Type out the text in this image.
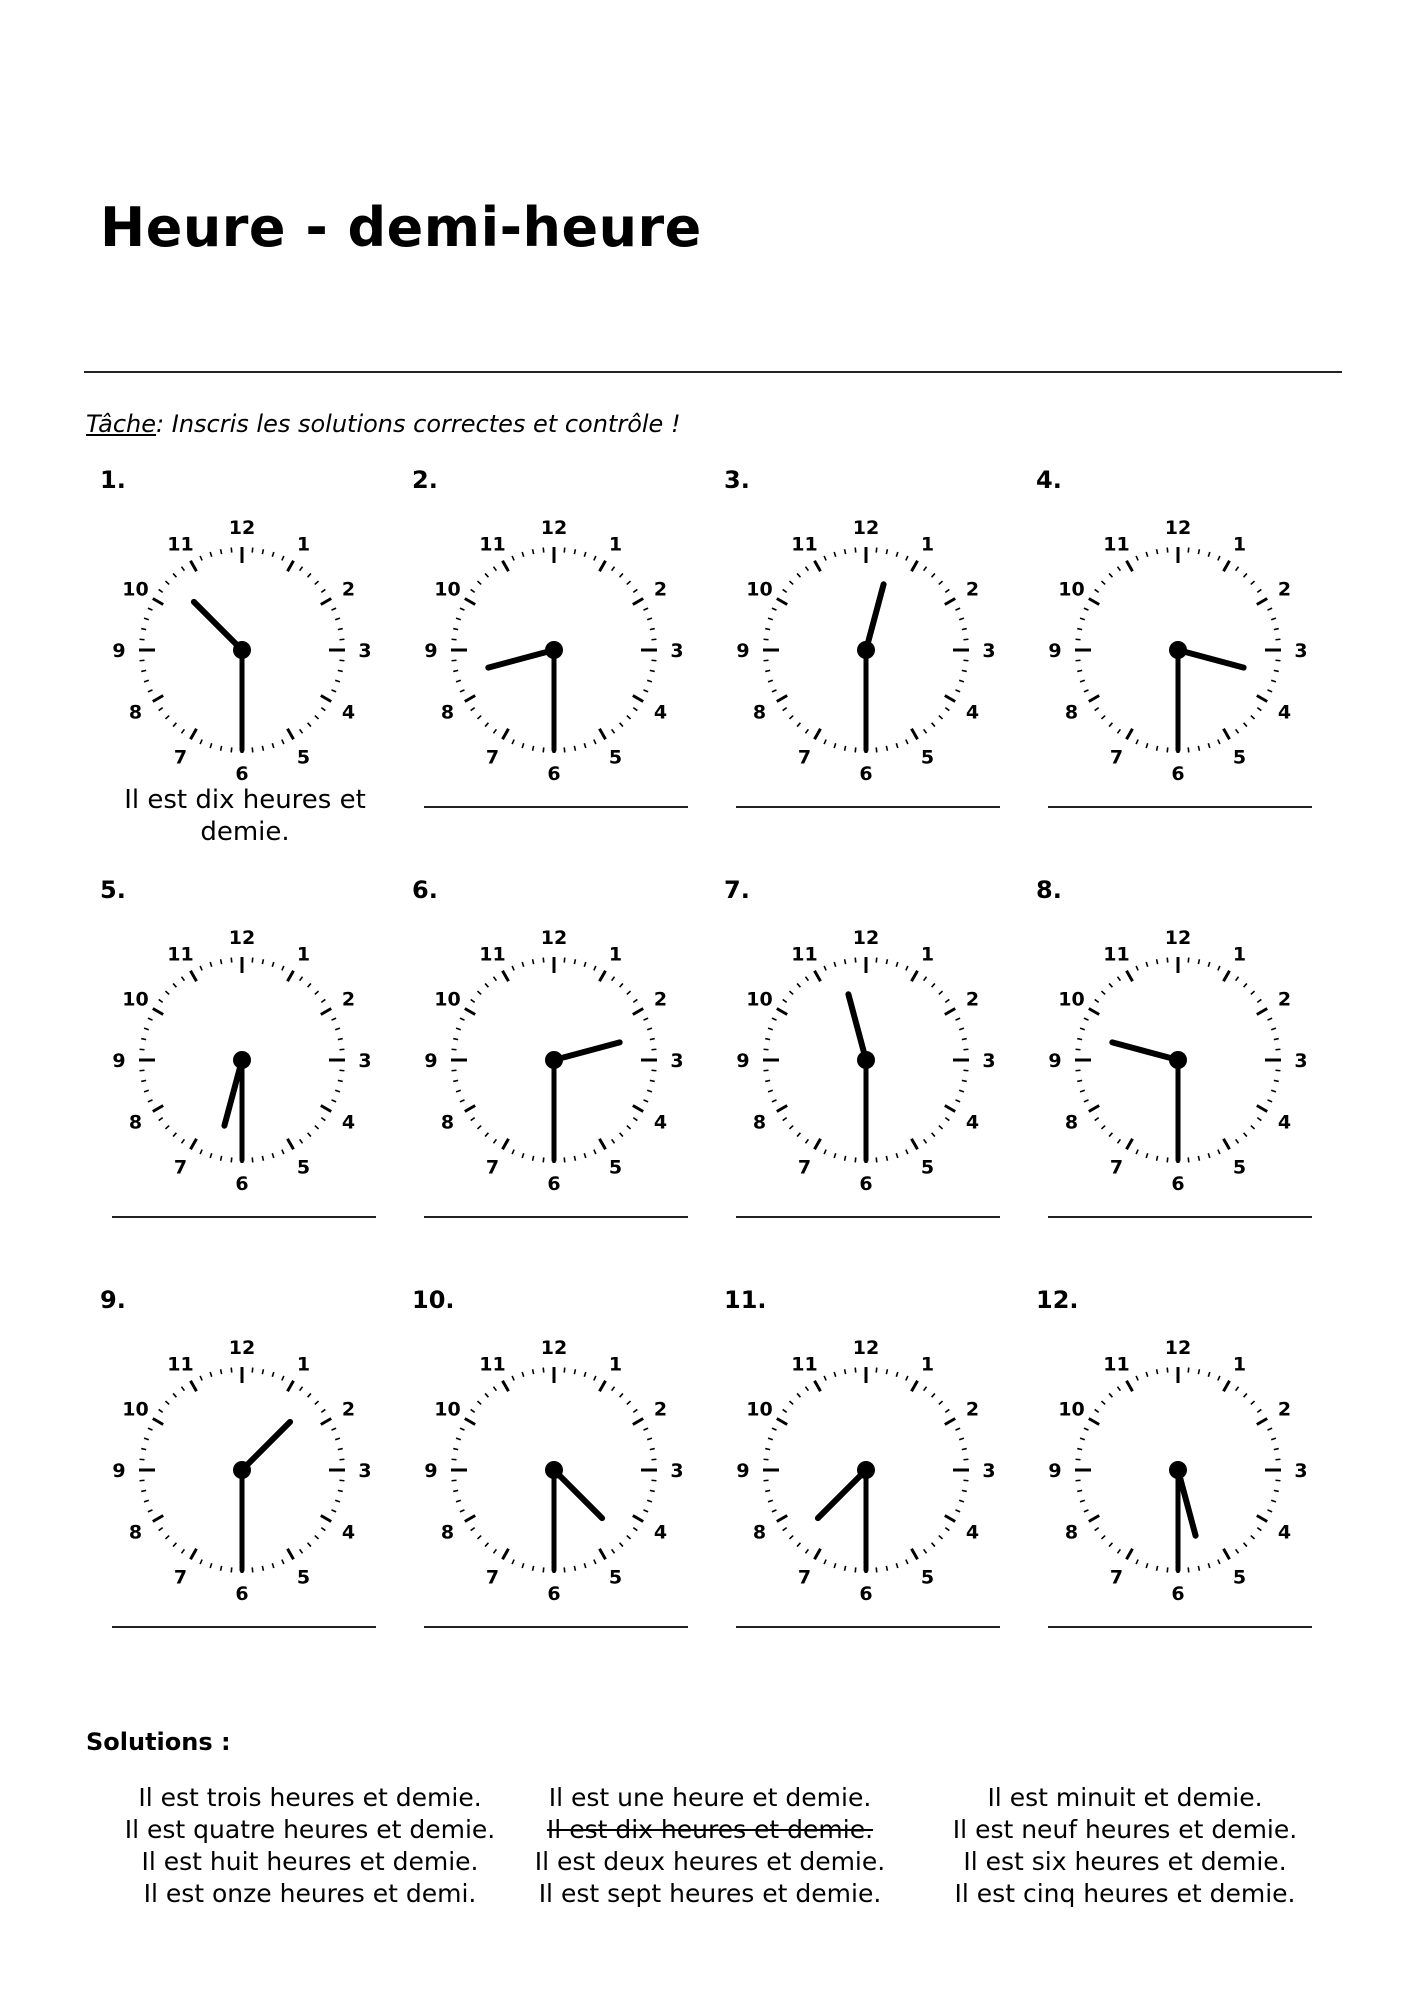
Heure - demi-heure
Tâche: Inscris les solutions correctes et contrôle !
1.
12
1
2
3
4
5
6
7
8
9
10
11
Il est dix heures et demie.
2.
12
1
2
3
4
5
6
7
8
9
10
11
3.
12
1
2
3
4
5
6
7
8
9
10
11
4.
12
1
2
3
4
5
6
7
8
9
10
11
5.
12
1
2
3
4
5
6
7
8
9
10
11
6.
12
1
2
3
4
5
6
7
8
9
10
11
7.
12
1
2
3
4
5
6
7
8
9
10
11
8.
12
1
2
3
4
5
6
7
8
9
10
11
9.
12
1
2
3
4
5
6
7
8
9
10
11
10.
12
1
2
3
4
5
6
7
8
9
10
11
11.
12
1
2
3
4
5
6
7
8
9
10
11
12.
12
1
2
3
4
5
6
7
8
9
10
11
Solutions :
Il est trois heures et demie.
Il est quatre heures et demie.
Il est huit heures et demie.
Il est onze heures et demi.
Il est une heure et demie.
Il est dix heures et demie.
Il est deux heures et demie.
Il est sept heures et demie.
Il est minuit et demie.
Il est neuf heures et demie.
Il est six heures et demie.
Il est cinq heures et demie.
